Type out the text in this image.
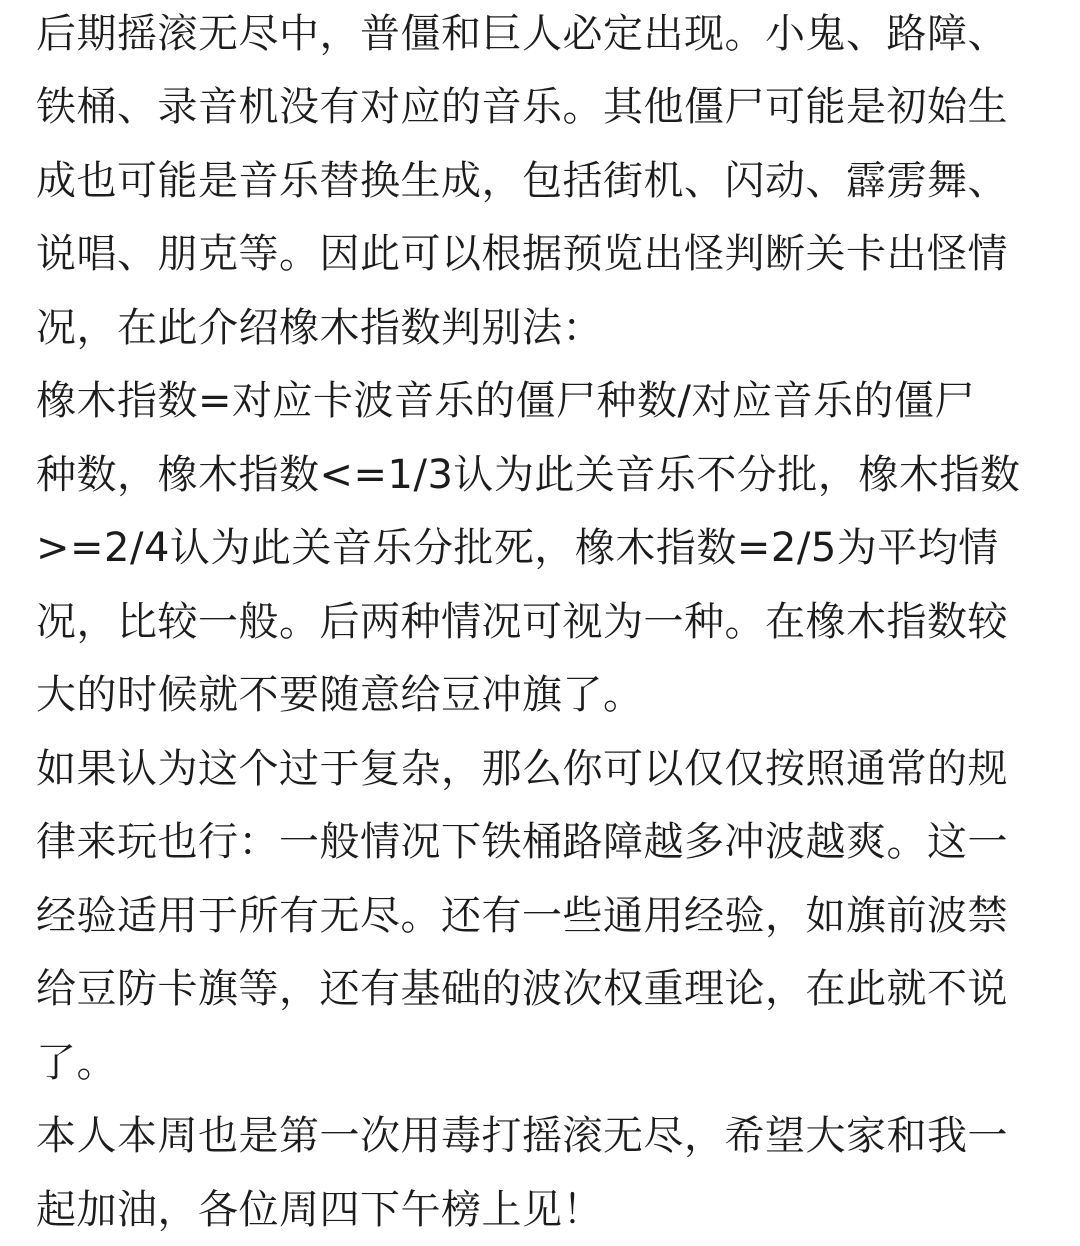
后期摇滚无尽中，普僵和巨人必定出现。小鬼、路障、
铁桶、录音机没有对应的音乐。其他僵尸可能是初始生
成也可能是音乐替换生成，包括街机、闪动、霹雳舞、
说唱、朋克等。因此可以根据预览出怪判断关卡出怪情
况，在此介绍橡木指数判别法：
橡木指数=对应卡波音乐的僵尸种数/对应音乐的僵尸
种数，橡木指数<=1/3认为此关音乐不分批，橡木指数
>=2/4认为此关音乐分批死，橡木指数=2/5为平均情
况，比较一般。后两种情况可视为一种。在橡木指数较
大的时候就不要随意给豆冲旗了。
如果认为这个过于复杂，那么你可以仅仅按照通常的规
律来玩也行：一般情况下铁桶路障越多冲波越爽。这一
经验适用于所有无尽。还有一些通用经验，如旗前波禁
给豆防卡旗等，还有基础的波次权重理论，在此就不说
了。
本人本周也是第一次用毒打摇滚无尽，希望大家和我一
起加油，各位周四下午榜上见！
